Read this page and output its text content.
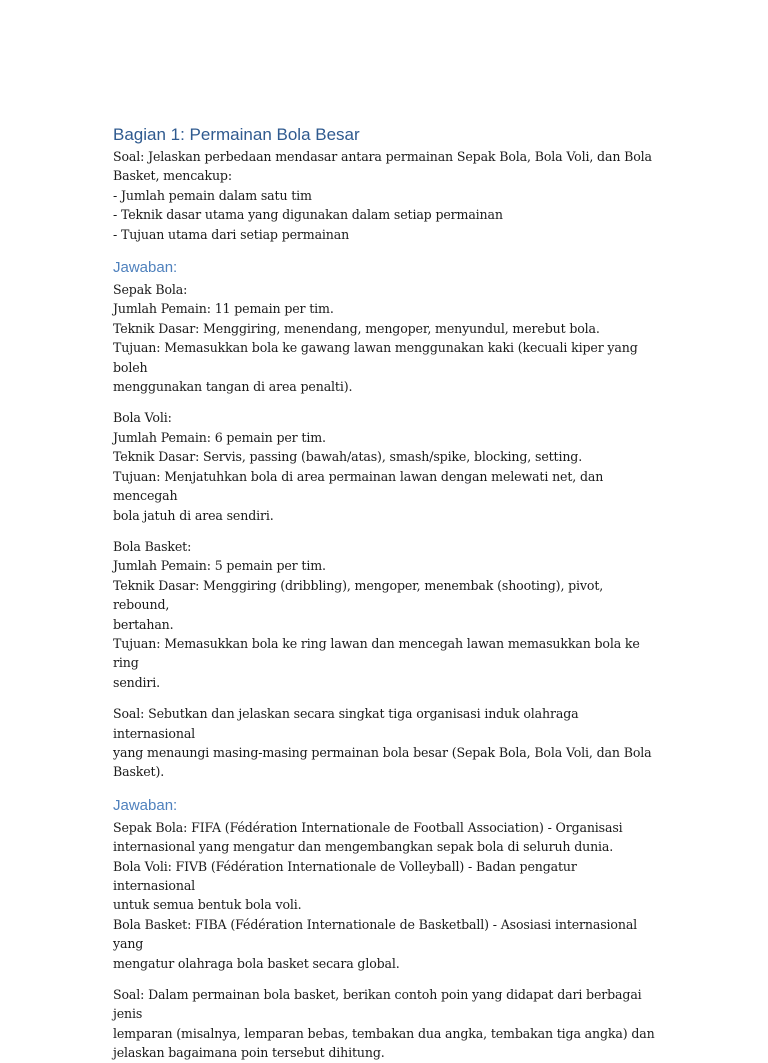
Bagian 1: Permainan Bola Besar

Soal: Jelaskan perbedaan mendasar antara permainan Sepak Bola, Bola Voli, dan Bola

Basket, mencakup:

- Jumlah pemain dalam satu tim

- Teknik dasar utama yang digunakan dalam setiap permainan

- Tujuan utama dari setiap permainan

Jawaban:

Sepak Bola:

Jumlah Pemain: 11 pemain per tim.

Teknik Dasar: Menggiring, menendang, mengoper, menyundul, merebut bola.

Tujuan: Memasukkan bola ke gawang lawan menggunakan kaki (kecuali kiper yang boleh

menggunakan tangan di area penalti).

Bola Voli:

Jumlah Pemain: 6 pemain per tim.

Teknik Dasar: Servis, passing (bawah/atas), smash/spike, blocking, setting.

Tujuan: Menjatuhkan bola di area permainan lawan dengan melewati net, dan mencegah

bola jatuh di area sendiri.

Bola Basket:

Jumlah Pemain: 5 pemain per tim.

Teknik Dasar: Menggiring (dribbling), mengoper, menembak (shooting), pivot, rebound,

bertahan.

Tujuan: Memasukkan bola ke ring lawan dan mencegah lawan memasukkan bola ke ring

sendiri.

Soal: Sebutkan dan jelaskan secara singkat tiga organisasi induk olahraga internasional

yang menaungi masing-masing permainan bola besar (Sepak Bola, Bola Voli, dan Bola

Basket).

Jawaban:

Sepak Bola: FIFA (Fédération Internationale de Football Association) - Organisasi

internasional yang mengatur dan mengembangkan sepak bola di seluruh dunia.

Bola Voli: FIVB (Fédération Internationale de Volleyball) - Badan pengatur internasional

untuk semua bentuk bola voli.

Bola Basket: FIBA (Fédération Internationale de Basketball) - Asosiasi internasional yang

mengatur olahraga bola basket secara global.

Soal: Dalam permainan bola basket, berikan contoh poin yang didapat dari berbagai jenis

lemparan (misalnya, lemparan bebas, tembakan dua angka, tembakan tiga angka) dan

jelaskan bagaimana poin tersebut dihitung.
